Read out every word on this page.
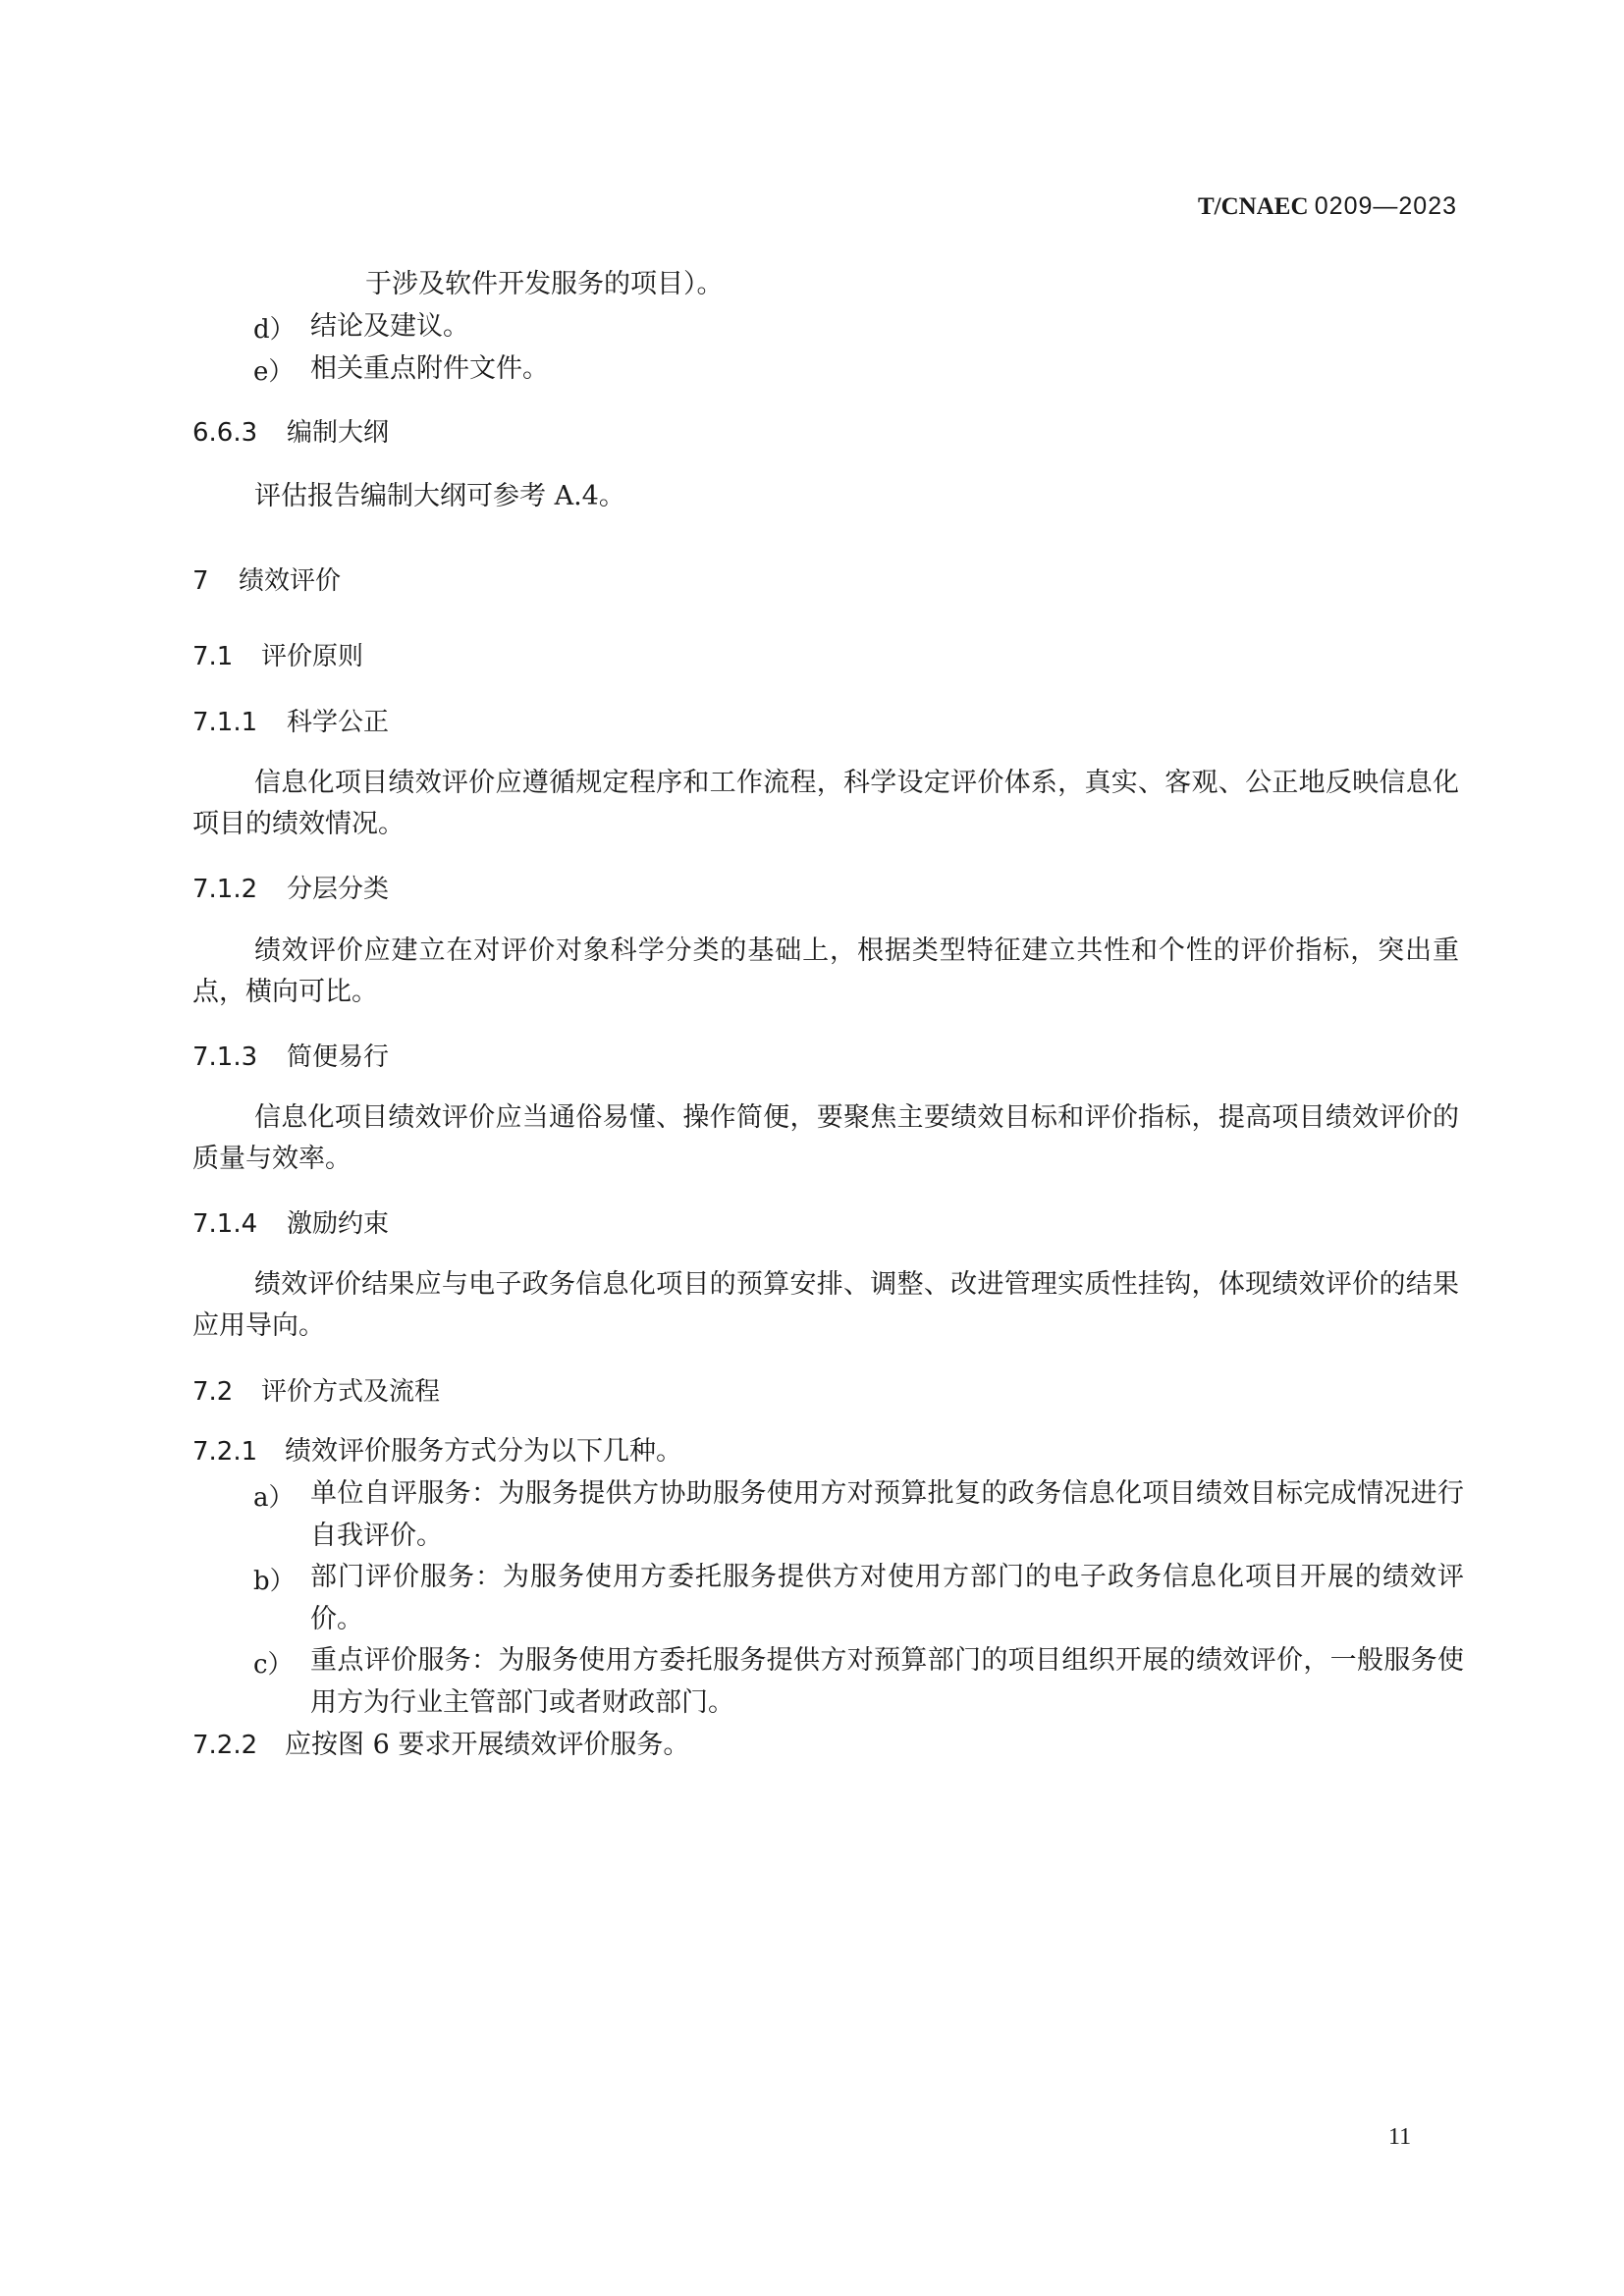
T/CNAEC 0209—2023
于涉及软件开发服务的项目）。
d） 结论及建议。
e） 相关重点附件文件。
6.6.3 编制大纲
评估报告编制大纲可参考 A.4。
7 绩效评价
7.1 评价原则
7.1.1 科学公正
信息化项目绩效评价应遵循规定程序和工作流程，科学设定评价体系，真实、客观、公正地反映信息化项目的绩效情况。
7.1.2 分层分类
绩效评价应建立在对评价对象科学分类的基础上，根据类型特征建立共性和个性的评价指标，突出重点，横向可比。
7.1.3 简便易行
信息化项目绩效评价应当通俗易懂、操作简便，要聚焦主要绩效目标和评价指标，提高项目绩效评价的质量与效率。
7.1.4 激励约束
绩效评价结果应与电子政务信息化项目的预算安排、调整、改进管理实质性挂钩，体现绩效评价的结果应用导向。
7.2 评价方式及流程
7.2.1 绩效评价服务方式分为以下几种。
a） 单位自评服务：为服务提供方协助服务使用方对预算批复的政务信息化项目绩效目标完成情况进行自我评价。
b） 部门评价服务：为服务使用方委托服务提供方对使用方部门的电子政务信息化项目开展的绩效评价。
c） 重点评价服务：为服务使用方委托服务提供方对预算部门的项目组织开展的绩效评价，一般服务使用方为行业主管部门或者财政部门。
7.2.2 应按图 6 要求开展绩效评价服务。
11
